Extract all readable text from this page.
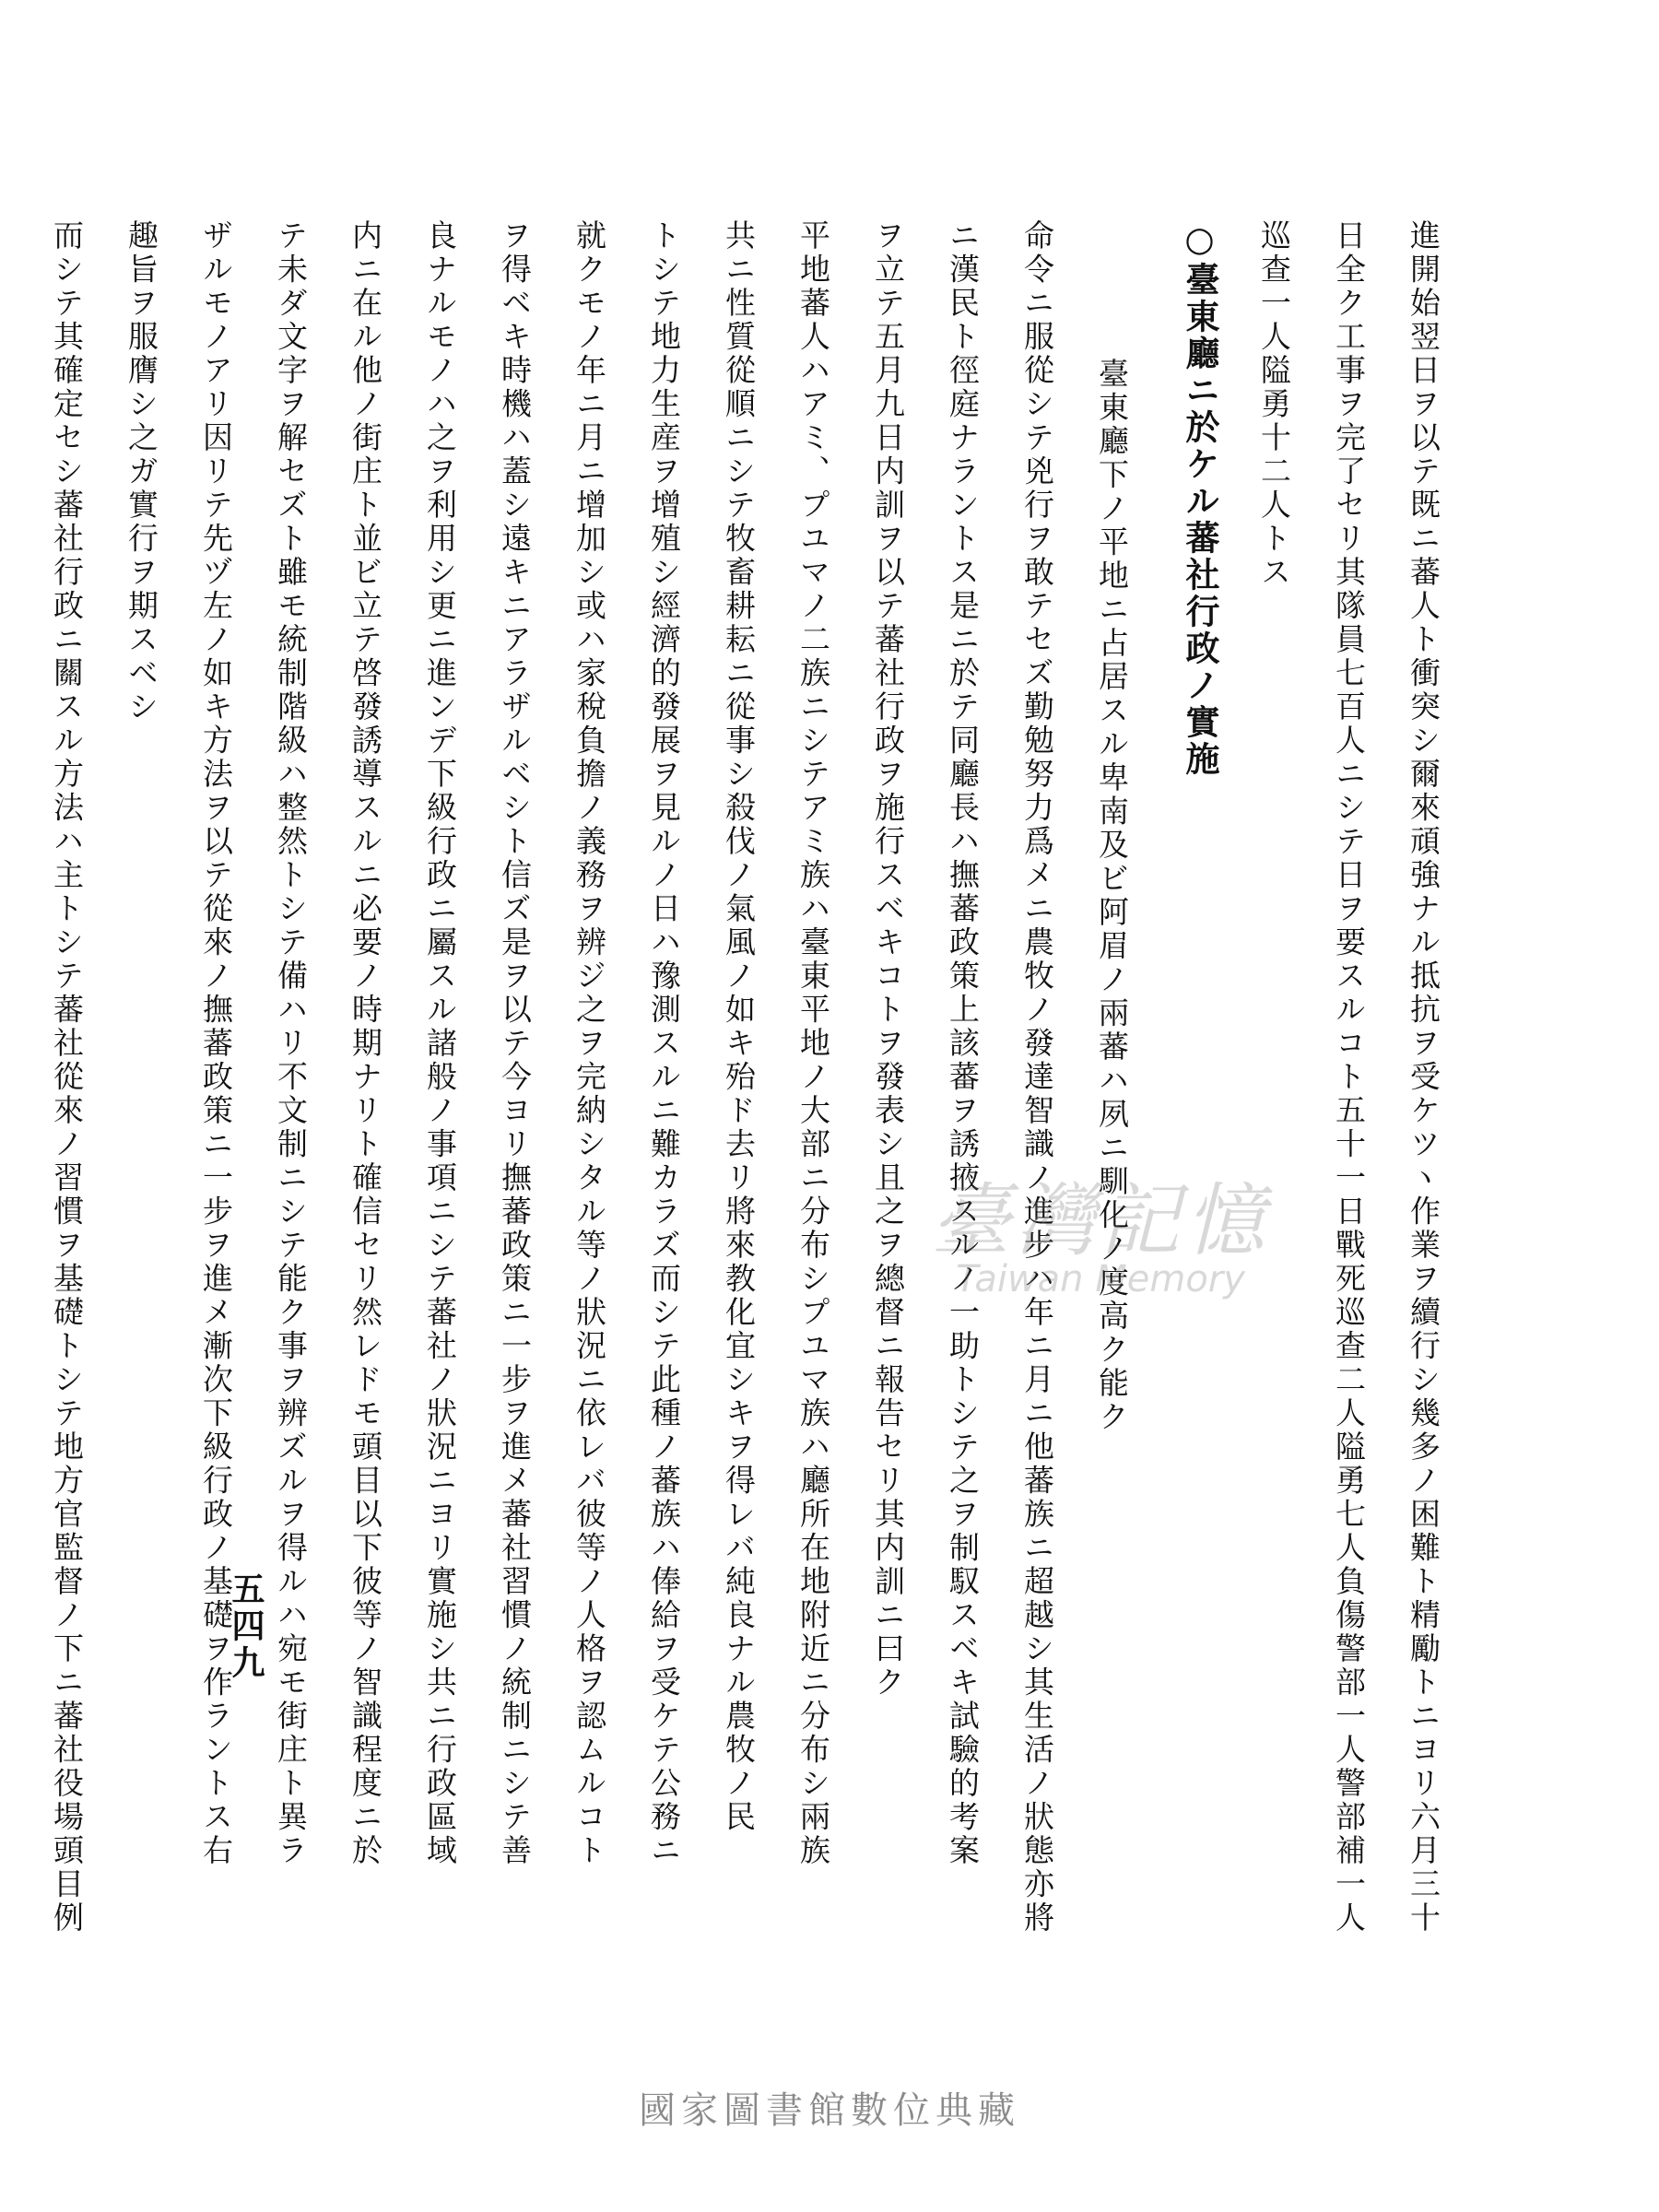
進開始翌日ヲ以テ既ニ蕃人ト衝突シ爾來頑強ナル抵抗ヲ受ケツヽ作業ヲ續行シ幾多ノ困難ト精勵トニヨリ六月三十
日全ク工事ヲ完了セリ其隊員七百人ニシテ日ヲ要スルコト五十一日戰死巡查二人隘勇七人負傷警部一人警部補一人
巡查一人隘勇十二人トス
○臺東廳ニ於ケル蕃社行政ノ實施
臺東廳下ノ平地ニ占居スル卑南及ビ阿眉ノ兩蕃ハ夙ニ馴化ノ度高ク能ク
命令ニ服從シテ兇行ヲ敢テセズ勤勉努力爲メニ農牧ノ發達智識ノ進步ハ年ニ月ニ他蕃族ニ超越シ其生活ノ狀態亦將
ニ漢民ト徑庭ナラントス是ニ於テ同廳長ハ撫蕃政策上該蕃ヲ誘掖スルノ一助トシテ之ヲ制馭スベキ試驗的考案
ヲ立テ五月九日内訓ヲ以テ蕃社行政ヲ施行スベキコトヲ發表シ且之ヲ總督ニ報告セリ其内訓ニ曰ク
平地蕃人ハアミ、プユマノ二族ニシテアミ族ハ臺東平地ノ大部ニ分布シプユマ族ハ廳所在地附近ニ分布シ兩族
共ニ性質從順ニシテ牧畜耕耘ニ從事シ殺伐ノ氣風ノ如キ殆ド去リ將來教化宜シキヲ得レバ純良ナル農牧ノ民
トシテ地力生産ヲ增殖シ經濟的發展ヲ見ルノ日ハ豫測スルニ難カラズ而シテ此種ノ蕃族ハ俸給ヲ受ケテ公務ニ
就クモノ年ニ月ニ增加シ或ハ家稅負擔ノ義務ヲ辨ジ之ヲ完納シタル等ノ狀況ニ依レバ彼等ノ人格ヲ認ムルコト
ヲ得ベキ時機ハ蓋シ遠キニアラザルベシト信ズ是ヲ以テ今ヨリ撫蕃政策ニ一步ヲ進メ蕃社習慣ノ統制ニシテ善
良ナルモノハ之ヲ利用シ更ニ進ンデ下級行政ニ屬スル諸般ノ事項ニシテ蕃社ノ狀況ニヨリ實施シ共ニ行政區域
内ニ在ル他ノ街庄ト並ビ立テ啓發誘導スルニ必要ノ時期ナリト確信セリ然レドモ頭目以下彼等ノ智識程度ニ於
テ未ダ文字ヲ解セズト雖モ統制階級ハ整然トシテ備ハリ不文制ニシテ能ク事ヲ辨ズルヲ得ルハ宛モ街庄ト異ラ
ザルモノアリ因リテ先ヅ左ノ如キ方法ヲ以テ從來ノ撫蕃政策ニ一步ヲ進メ漸次下級行政ノ基礎ヲ作ラントス右
趣旨ヲ服膺シ之ガ實行ヲ期スベシ
而シテ其確定セシ蕃社行政ニ關スル方法ハ主トシテ蕃社從來ノ習慣ヲ基礎トシテ地方官監督ノ下ニ蕃社役場頭目例	五四九
臺灣記憶
Taiwan Memory
國家圖書館數位典藏
